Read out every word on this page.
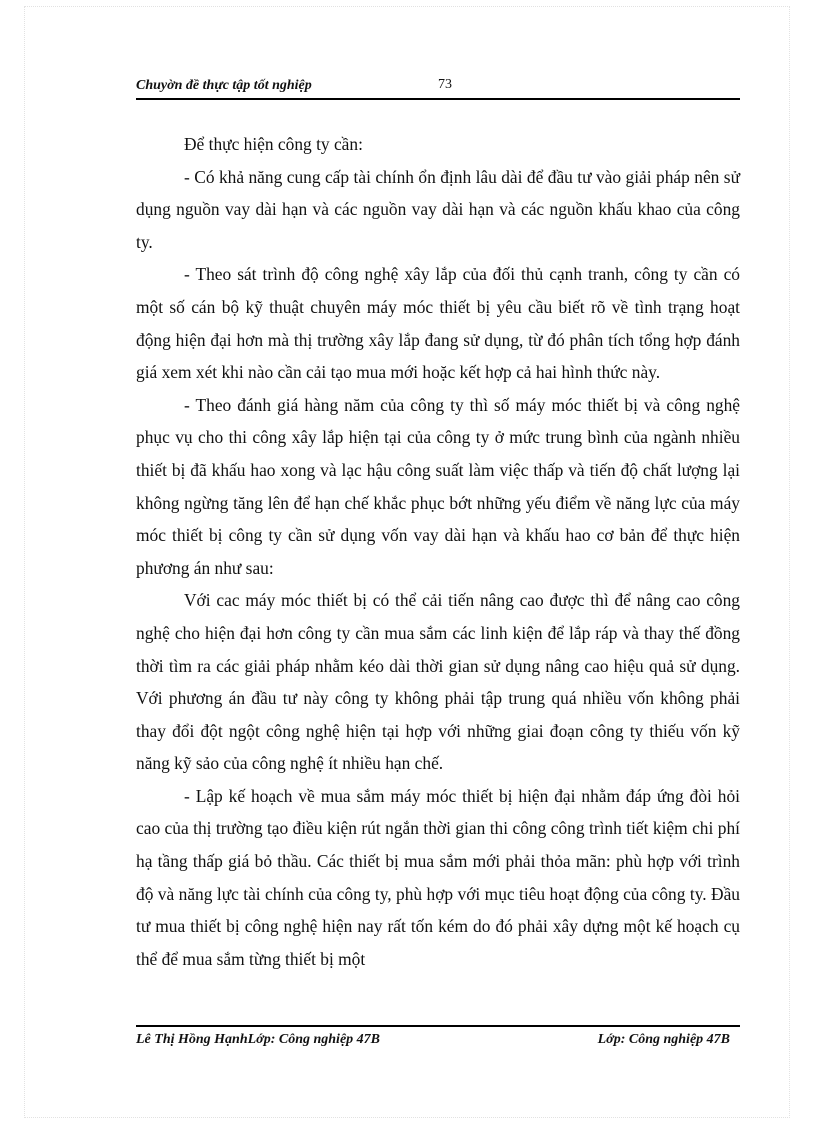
Chuyờn đề thực tập tốt nghiệp	73

Để thực hiện công ty cần:

- Có khả năng cung cấp tài chính ổn định lâu dài để đầu tư vào giải pháp nên sử dụng nguồn vay dài hạn và các nguồn vay dài hạn và các nguồn khấu khao của công ty.

- Theo sát trình độ công nghệ xây lắp của đối thủ cạnh tranh, công ty cần có một số cán bộ kỹ thuật chuyên máy móc thiết bị yêu cầu biết rõ về tình trạng hoạt động hiện đại hơn mà thị trường xây lắp đang sử dụng, từ đó phân tích tổng hợp đánh giá xem xét khi nào cần cải tạo mua mới hoặc kết hợp cả hai hình thức này.

- Theo đánh giá hàng năm của công ty thì số máy móc thiết bị và công nghệ phục vụ cho thi công xây lắp hiện tại của công ty ở mức trung bình của ngành nhiều thiết bị đã khấu hao xong và lạc hậu công suất làm việc thấp và tiến độ chất lượng lại không ngừng tăng lên để hạn chế khắc phục bớt những yếu điểm về năng lực của máy móc thiết bị công ty cần sử dụng vốn vay dài hạn và khấu hao cơ bản để thực hiện phương án như sau:

Với cac máy móc thiết bị có thể cải tiến nâng cao được thì để nâng cao công nghệ cho hiện đại hơn công ty cần mua sắm các linh kiện để lắp ráp và thay thế đồng thời tìm ra các giải pháp nhằm kéo dài thời gian sử dụng nâng cao hiệu quả sử dụng. Với phương án đầu tư này công ty không phải tập trung quá nhiều vốn không phải thay đổi đột ngột công nghệ hiện tại hợp với những giai đoạn công ty thiếu vốn kỹ năng kỹ sảo của công nghệ ít nhiều hạn chế.

- Lập kế hoạch về mua sắm máy móc thiết bị hiện đại nhằm đáp ứng đòi hỏi cao của thị trường tạo điều kiện rút ngắn thời gian thi công công trình tiết kiệm chi phí hạ tầng thấp giá bỏ thầu. Các thiết bị mua sắm mới phải thỏa mãn: phù hợp với trình độ và năng lực tài chính của công ty, phù hợp với mục tiêu hoạt động của công ty. Đầu tư mua thiết bị công nghệ hiện nay rất tốn kém do đó phải xây dựng một kế hoạch cụ thể để mua sắm từng thiết bị một

Lê Thị Hồng HạnhLớp: Công nghiệp 47B	Lớp: Công nghiệp 47B
